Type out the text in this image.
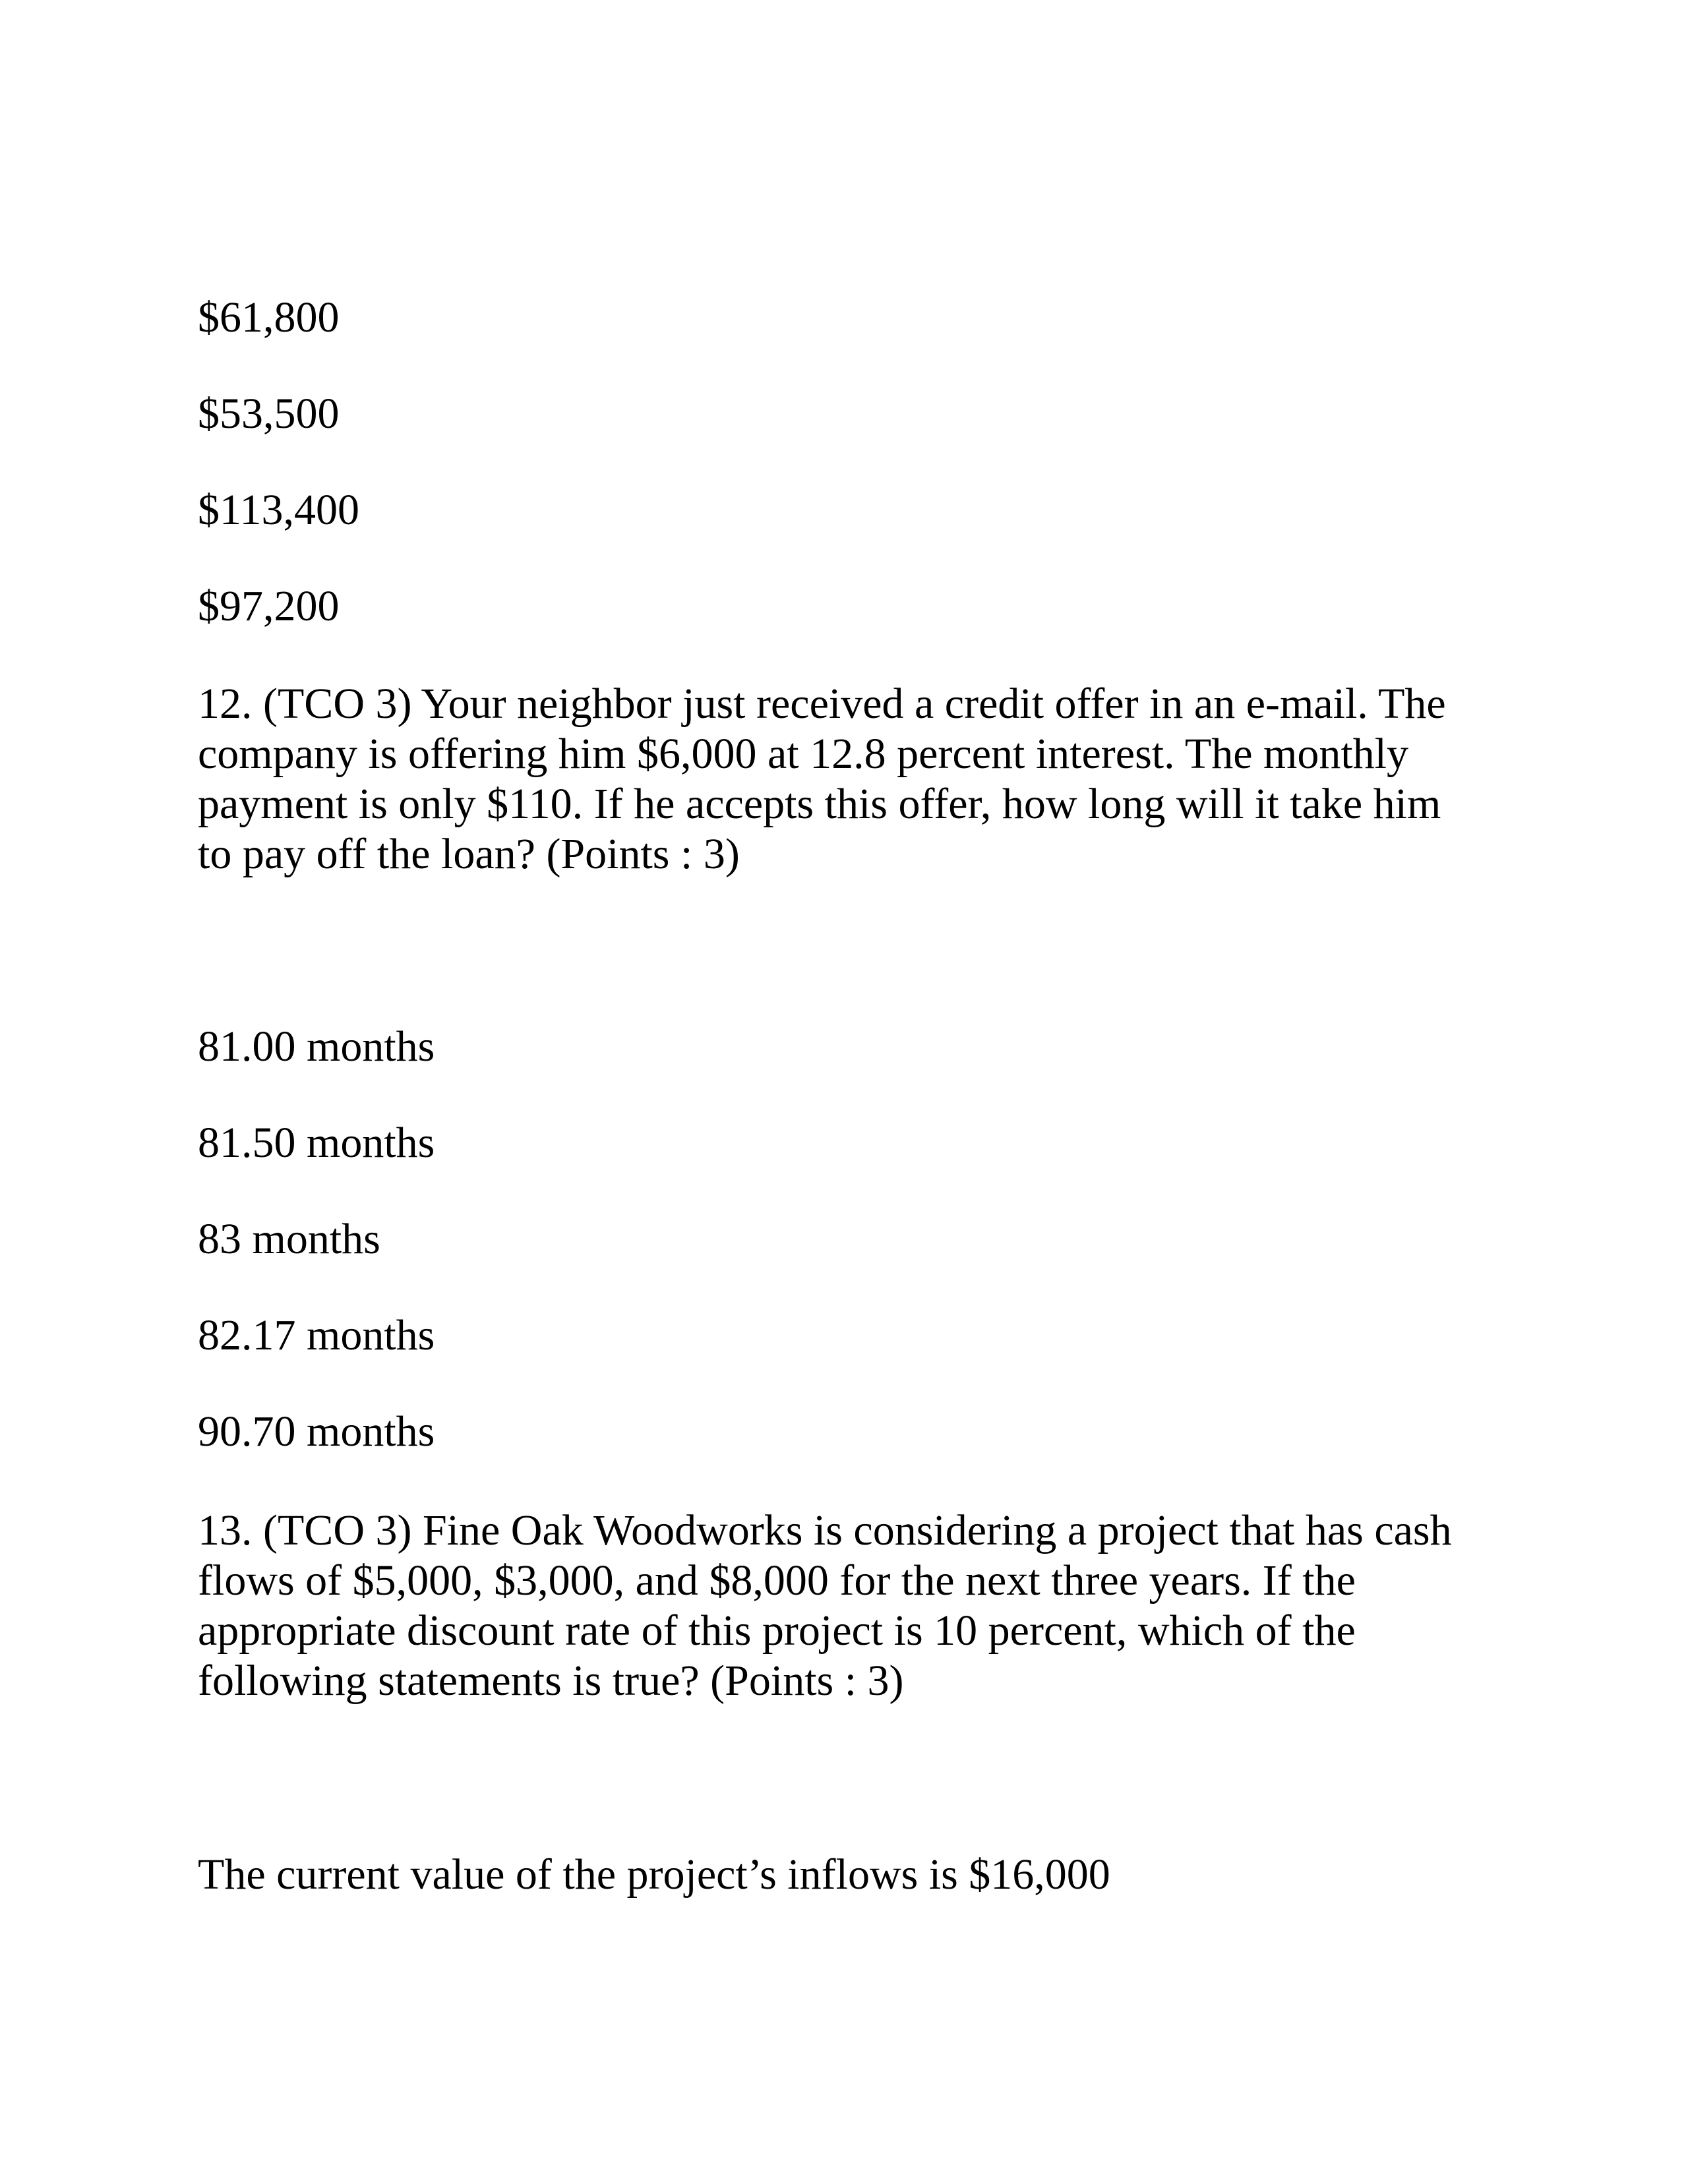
$61,800
$53,500
$113,400
$97,200
12. (TCO 3) Your neighbor just received a credit offer in an e-mail. The
company is offering him $6,000 at 12.8 percent interest. The monthly
payment is only $110. If he accepts this offer, how long will it take him
to pay off the loan? (Points : 3)
81.00 months
81.50 months
83 months
82.17 months
90.70 months
13. (TCO 3) Fine Oak Woodworks is considering a project that has cash
flows of $5,000, $3,000, and $8,000 for the next three years. If the
appropriate discount rate of this project is 10 percent, which of the
following statements is true? (Points : 3)
The current value of the project’s inflows is $16,000
